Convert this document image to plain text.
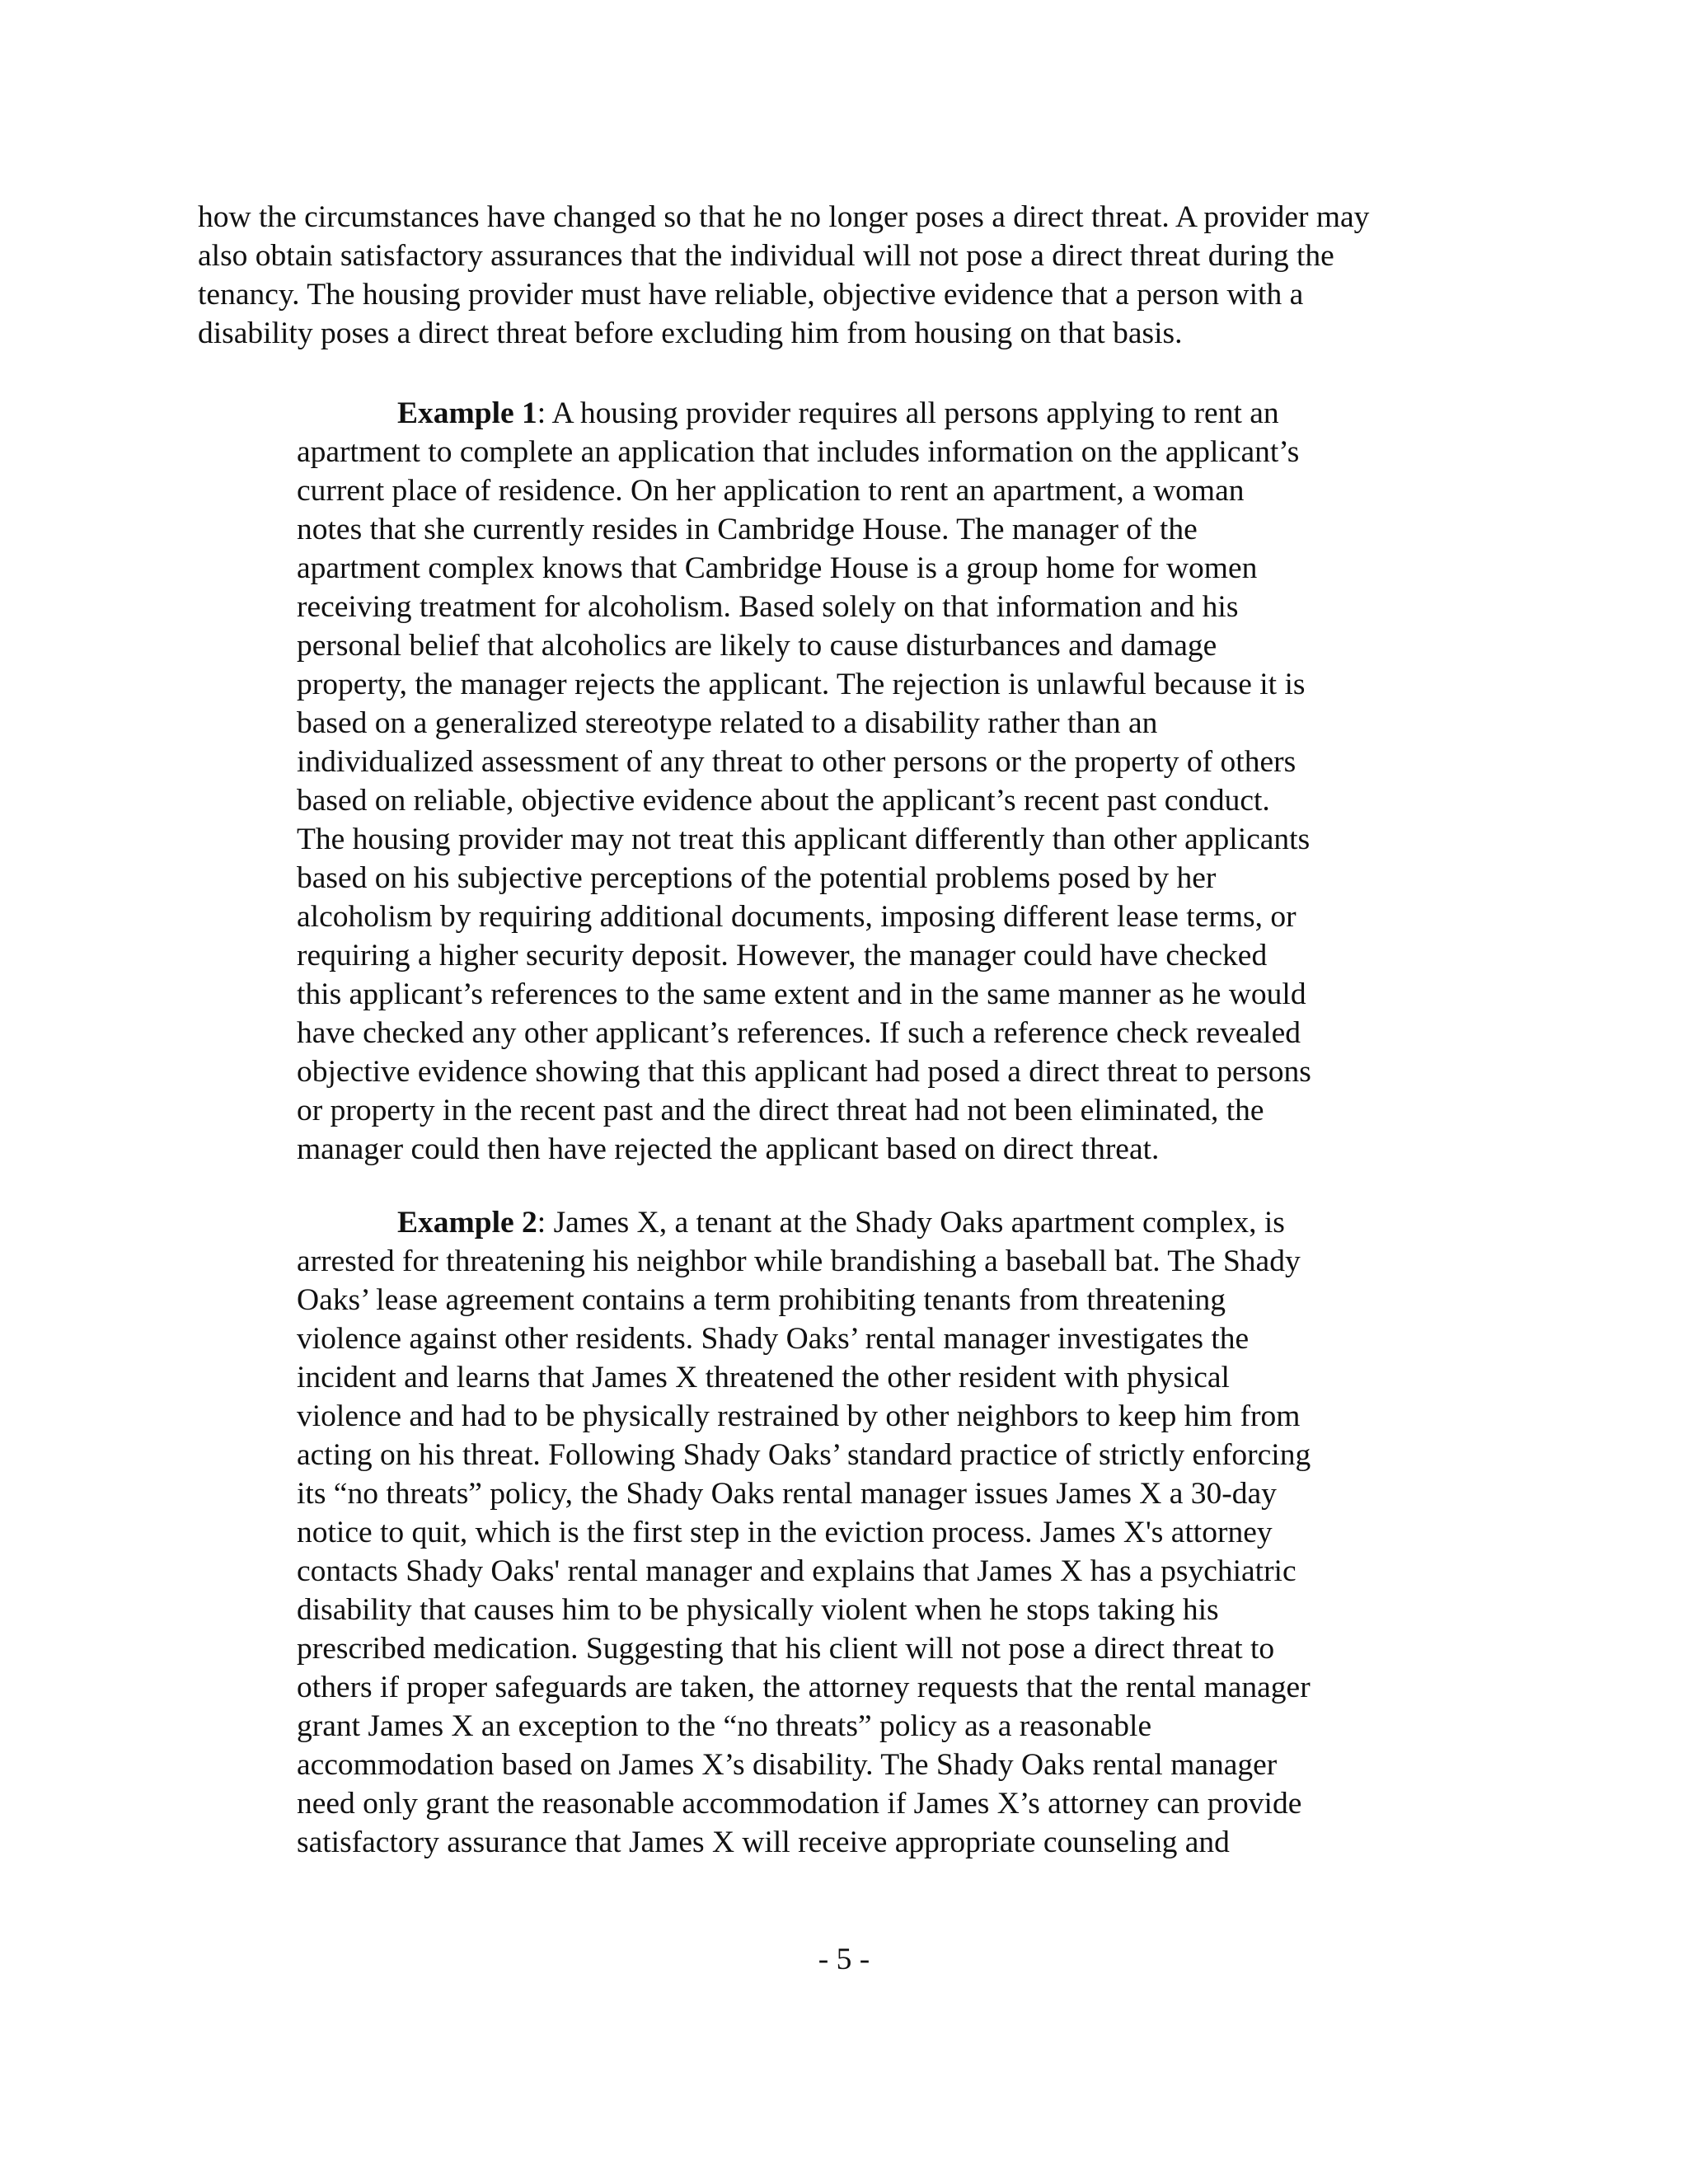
how the circumstances have changed so that he no longer poses a direct threat. A provider may
also obtain satisfactory assurances that the individual will not pose a direct threat during the
tenancy. The housing provider must have reliable, objective evidence that a person with a
disability poses a direct threat before excluding him from housing on that basis.
Example 1: A housing provider requires all persons applying to rent an
apartment to complete an application that includes information on the applicant’s
current place of residence. On her application to rent an apartment, a woman
notes that she currently resides in Cambridge House. The manager of the
apartment complex knows that Cambridge House is a group home for women
receiving treatment for alcoholism. Based solely on that information and his
personal belief that alcoholics are likely to cause disturbances and damage
property, the manager rejects the applicant. The rejection is unlawful because it is
based on a generalized stereotype related to a disability rather than an
individualized assessment of any threat to other persons or the property of others
based on reliable, objective evidence about the applicant’s recent past conduct.
The housing provider may not treat this applicant differently than other applicants
based on his subjective perceptions of the potential problems posed by her
alcoholism by requiring additional documents, imposing different lease terms, or
requiring a higher security deposit. However, the manager could have checked
this applicant’s references to the same extent and in the same manner as he would
have checked any other applicant’s references. If such a reference check revealed
objective evidence showing that this applicant had posed a direct threat to persons
or property in the recent past and the direct threat had not been eliminated, the
manager could then have rejected the applicant based on direct threat.
Example 2: James X, a tenant at the Shady Oaks apartment complex, is
arrested for threatening his neighbor while brandishing a baseball bat. The Shady
Oaks’ lease agreement contains a term prohibiting tenants from threatening
violence against other residents. Shady Oaks’ rental manager investigates the
incident and learns that James X threatened the other resident with physical
violence and had to be physically restrained by other neighbors to keep him from
acting on his threat. Following Shady Oaks’ standard practice of strictly enforcing
its “no threats” policy, the Shady Oaks rental manager issues James X a 30-day
notice to quit, which is the first step in the eviction process. James X's attorney
contacts Shady Oaks' rental manager and explains that James X has a psychiatric
disability that causes him to be physically violent when he stops taking his
prescribed medication. Suggesting that his client will not pose a direct threat to
others if proper safeguards are taken, the attorney requests that the rental manager
grant James X an exception to the “no threats” policy as a reasonable
accommodation based on James X’s disability. The Shady Oaks rental manager
need only grant the reasonable accommodation if James X’s attorney can provide
satisfactory assurance that James X will receive appropriate counseling and
- 5 -
